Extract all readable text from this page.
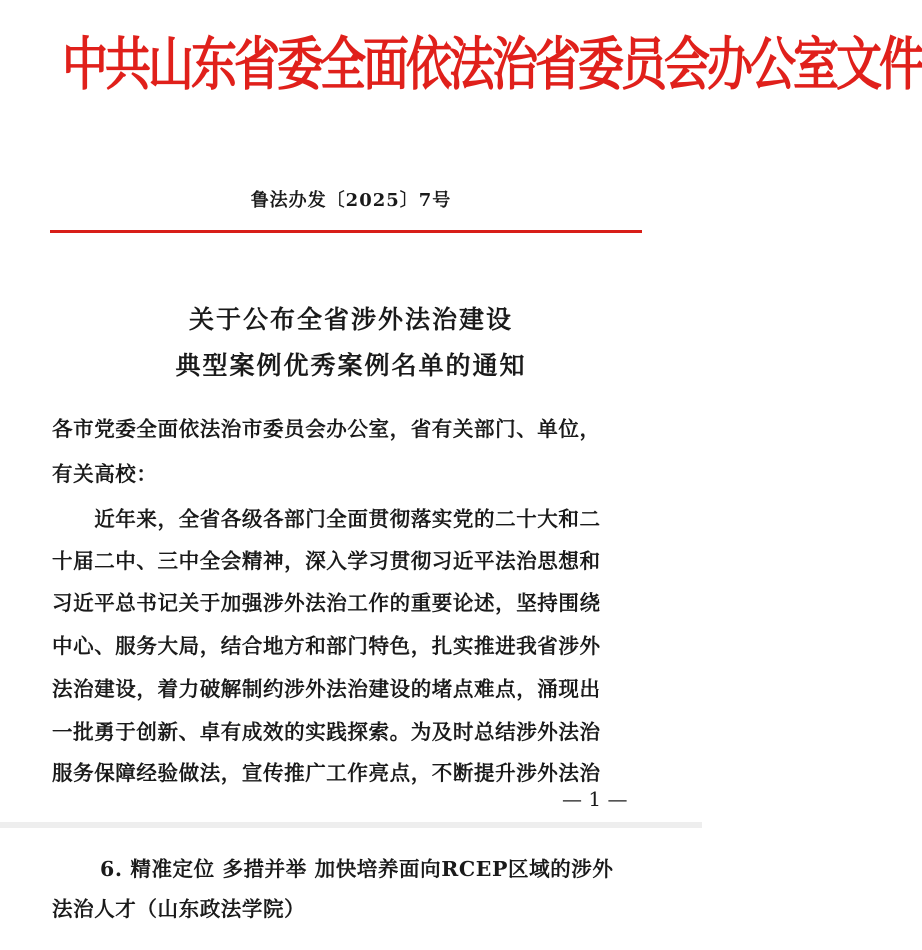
中共山东省委全面依法治省委员会办公室文件
鲁法办发〔2025〕7号
关于公布全省涉外法治建设
典型案例优秀案例名单的通知
各市党委全面依法治市委员会办公室，省有关部门、单位，
有关高校：
　　近年来，全省各级各部门全面贯彻落实党的二十大和二
十届二中、三中全会精神，深入学习贯彻习近平法治思想和
习近平总书记关于加强涉外法治工作的重要论述，坚持围绕
中心、服务大局，结合地方和部门特色，扎实推进我省涉外
法治建设，着力破解制约涉外法治建设的堵点难点，涌现出
一批勇于创新、卓有成效的实践探索。为及时总结涉外法治
服务保障经验做法，宣传推广工作亮点，不断提升涉外法治
— 1 —
6. 精准定位 多措并举 加快培养面向RCEP区域的涉外
法治人才（山东政法学院）
